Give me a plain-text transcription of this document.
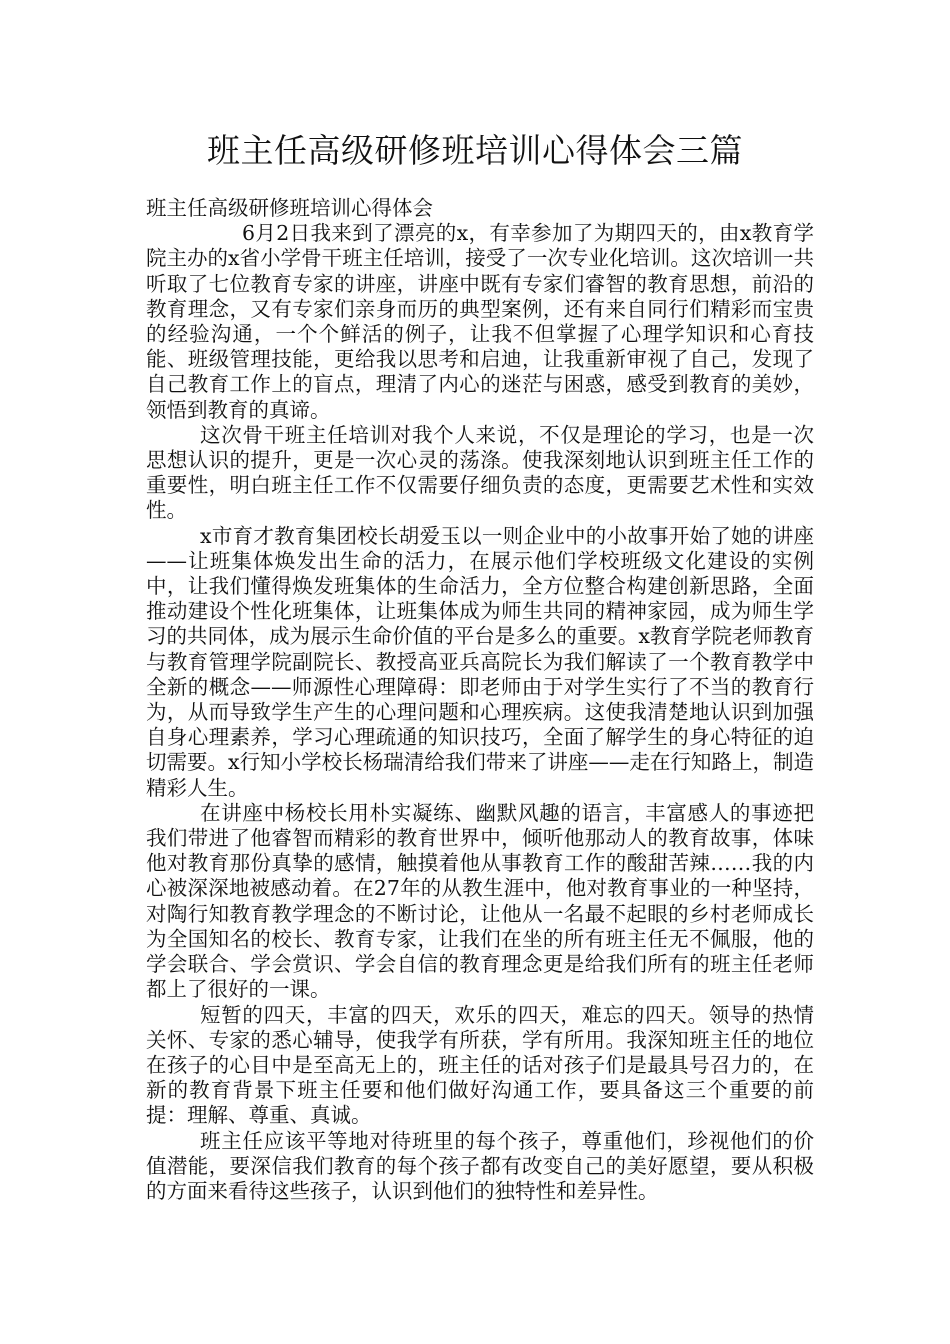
班主任高级研修班培训心得体会三篇

班主任高级研修班培训心得体会

6月2日我来到了漂亮的x，有幸参加了为期四天的，由x教育学院主办的x省小学骨干班主任培训，接受了一次专业化培训。这次培训一共听取了七位教育专家的讲座，讲座中既有专家们睿智的教育思想，前沿的教育理念，又有专家们亲身而历的典型案例，还有来自同行们精彩而宝贵的经验沟通，一个个鲜活的例子，让我不但掌握了心理学知识和心育技能、班级管理技能，更给我以思考和启迪，让我重新审视了自己，发现了自己教育工作上的盲点，理清了内心的迷茫与困惑，感受到教育的美妙，领悟到教育的真谛。

这次骨干班主任培训对我个人来说，不仅是理论的学习，也是一次思想认识的提升，更是一次心灵的荡涤。使我深刻地认识到班主任工作的重要性，明白班主任工作不仅需要仔细负责的态度，更需要艺术性和实效性。

x市育才教育集团校长胡爱玉以一则企业中的小故事开始了她的讲座——让班集体焕发出生命的活力，在展示他们学校班级文化建设的实例中，让我们懂得焕发班集体的生命活力，全方位整合构建创新思路，全面推动建设个性化班集体，让班集体成为师生共同的精神家园，成为师生学习的共同体，成为展示生命价值的平台是多么的重要。x教育学院老师教育与教育管理学院副院长、教授高亚兵高院长为我们解读了一个教育教学中全新的概念——师源性心理障碍：即老师由于对学生实行了不当的教育行为，从而导致学生产生的心理问题和心理疾病。这使我清楚地认识到加强自身心理素养，学习心理疏通的知识技巧，全面了解学生的身心特征的迫切需要。x行知小学校长杨瑞清给我们带来了讲座——走在行知路上，制造精彩人生。

在讲座中杨校长用朴实凝练、幽默风趣的语言，丰富感人的事迹把我们带进了他睿智而精彩的教育世界中，倾听他那动人的教育故事，体味他对教育那份真挚的感情，触摸着他从事教育工作的酸甜苦辣……我的内心被深深地被感动着。在27年的从教生涯中，他对教育事业的一种坚持，对陶行知教育教学理念的不断讨论，让他从一名最不起眼的乡村老师成长为全国知名的校长、教育专家，让我们在坐的所有班主任无不佩服，他的学会联合、学会赏识、学会自信的教育理念更是给我们所有的班主任老师都上了很好的一课。

短暂的四天，丰富的四天，欢乐的四天，难忘的四天。领导的热情关怀、专家的悉心辅导，使我学有所获，学有所用。我深知班主任的地位在孩子的心目中是至高无上的，班主任的话对孩子们是最具号召力的，在新的教育背景下班主任要和他们做好沟通工作，要具备这三个重要的前提：理解、尊重、真诚。

班主任应该平等地对待班里的每个孩子，尊重他们，珍视他们的价值潜能，要深信我们教育的每个孩子都有改变自己的美好愿望，要从积极的方面来看待这些孩子，认识到他们的独特性和差异性。
